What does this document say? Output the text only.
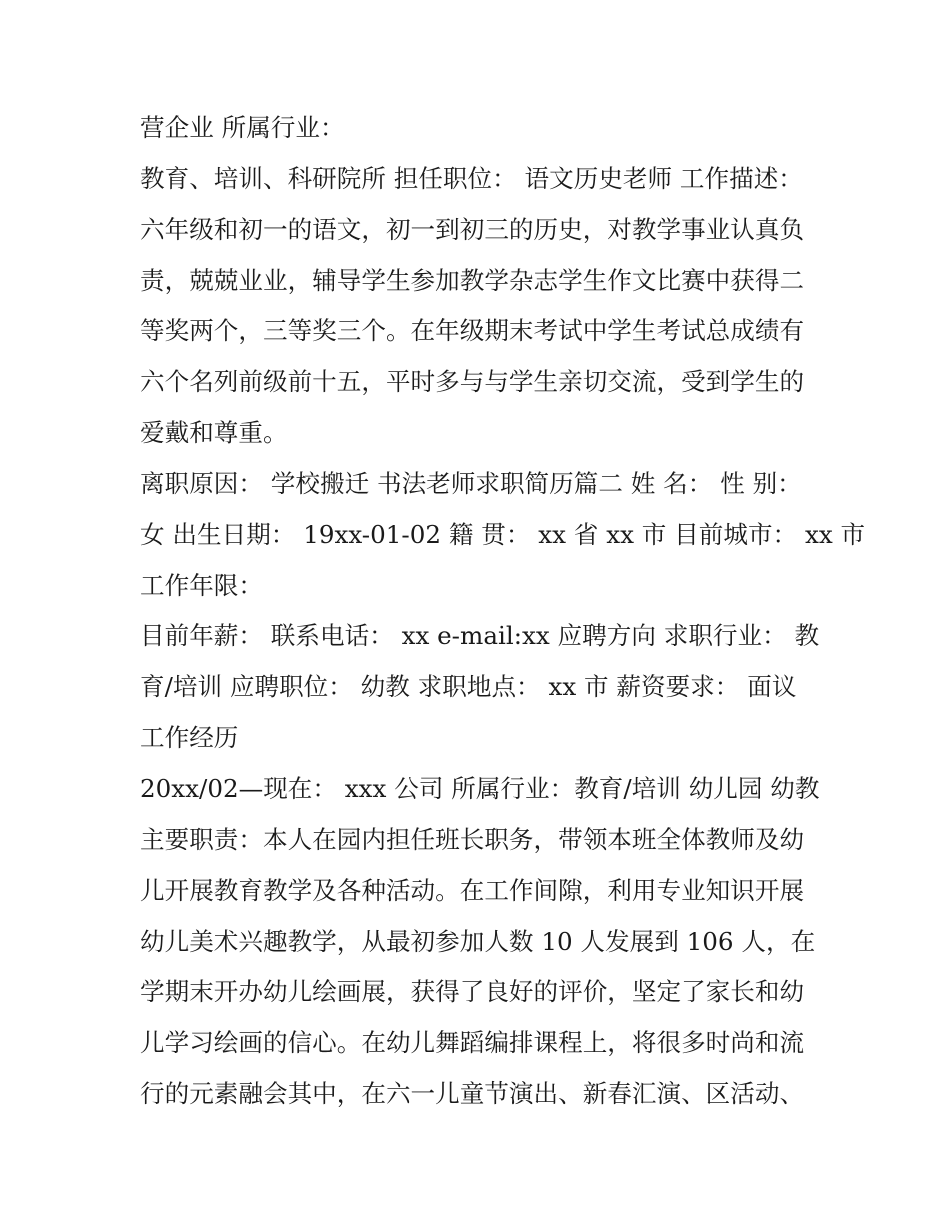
营企业 所属行业：
教育、培训、科研院所 担任职位： 语文历史老师 工作描述：
六年级和初一的语文，初一到初三的历史，对教学事业认真负
责，兢兢业业，辅导学生参加教学杂志学生作文比赛中获得二
等奖两个，三等奖三个。在年级期末考试中学生考试总成绩有
六个名列前级前十五，平时多与与学生亲切交流，受到学生的
爱戴和尊重。
离职原因： 学校搬迁 书法老师求职简历篇二 姓 名： 性 别：
女 出生日期： 19xx-01-02 籍 贯： xx 省 xx 市 目前城市： xx 市
工作年限：
目前年薪： 联系电话： xx e-mail:xx 应聘方向 求职行业： 教
育/培训 应聘职位： 幼教 求职地点： xx 市 薪资要求： 面议
工作经历
20xx/02—现在： xxx 公司 所属行业：教育/培训 幼儿园 幼教
主要职责：本人在园内担任班长职务，带领本班全体教师及幼
儿开展教育教学及各种活动。在工作间隙，利用专业知识开展
幼儿美术兴趣教学，从最初参加人数 10 人发展到 106 人，在
学期末开办幼儿绘画展，获得了良好的评价，坚定了家长和幼
儿学习绘画的信心。在幼儿舞蹈编排课程上，将很多时尚和流
行的元素融会其中，在六一儿童节演出、新春汇演、区活动、
